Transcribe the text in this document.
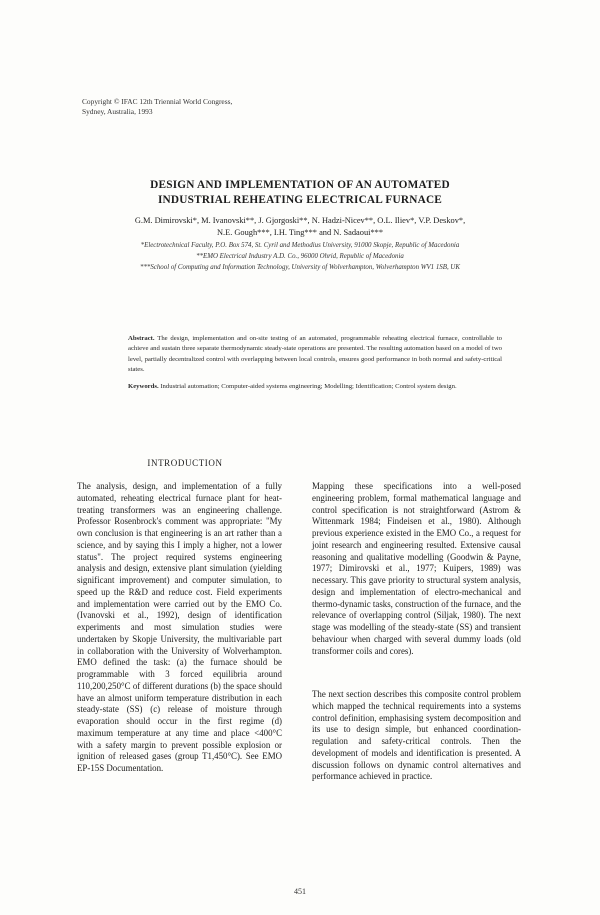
Copyright © IFAC 12th Triennial World Congress,
Sydney, Australia, 1993
DESIGN AND IMPLEMENTATION OF AN AUTOMATED
INDUSTRIAL REHEATING ELECTRICAL FURNACE
G.M. Dimirovski*, M. Ivanovski**, J. Gjorgoski**, N. Hadzi-Nicev**, O.L. Iliev*, V.P. Deskov*,
N.E. Gough***, I.H. Ting*** and N. Sadaoui***
*Electrotechnical Faculty, P.O. Box 574, St. Cyril and Methodius University, 91000 Skopje, Republic of Macedonia
**EMO Electrical Industry A.D. Co., 96000 Ohrid, Republic of Macedonia
***School of Computing and Information Technology, University of Wolverhampton, Wolverhampton WV1 1SB, UK
Abstract. The design, implementation and on-site testing of an automated, programmable reheating electrical furnace, controllable to achieve and sustain three separate thermodynamic steady-state operations are presented. The resulting automation based on a model of two level, partially decentralized control with overlapping between local controls, ensures good performance in both normal and safety-critical states.
Keywords. Industrial automation; Computer-aided systems engineering; Modelling; Identification; Control system design.
INTRODUCTION
The analysis, design, and implementation of a fully automated, reheating electrical furnace plant for heat-treating transformers was an engineering challenge. Professor Rosenbrock's comment was appropriate: "My own conclusion is that engineering is an art rather than a science, and by saying this I imply a higher, not a lower status". The project required systems engineering analysis and design, extensive plant simulation (yielding significant improvement) and computer simulation, to speed up the R&D and reduce cost. Field experiments and implementation were carried out by the EMO Co. (Ivanovski et al., 1992), design of identification experiments and most simulation studies were undertaken by Skopje University, the multivariable part in collaboration with the University of Wolverhampton. EMO defined the task: (a) the furnace should be programmable with 3 forced equilibria around 110,200,250°C of different durations (b) the space should have an almost uniform temperature distribution in each steady-state (SS) (c) release of moisture through evaporation should occur in the first regime (d) maximum temperature at any time and place <400°C with a safety margin to prevent possible explosion or ignition of released gases (group T1,450°C). See EMO EP-15S Documentation.
Mapping these specifications into a well-posed engineering problem, formal mathematical language and control specification is not straightforward (Astrom & Wittenmark 1984; Findeisen et al., 1980). Although previous experience existed in the EMO Co., a request for joint research and engineering resulted. Extensive causal reasoning and qualitative modelling (Goodwin & Payne, 1977; Dimirovski et al., 1977; Kuipers, 1989) was necessary. This gave priority to structural system analysis, design and implementation of electro-mechanical and thermo-dynamic tasks, construction of the furnace, and the relevance of overlapping control (Siljak, 1980). The next stage was modelling of the steady-state (SS) and transient behaviour when charged with several dummy loads (old transformer coils and cores).
The next section describes this composite control problem which mapped the technical requirements into a systems control definition, emphasising system decomposition and its use to design simple, but enhanced coordination-regulation and safety-critical controls. Then the development of models and identification is presented. A discussion follows on dynamic control alternatives and performance achieved in practice.
451
